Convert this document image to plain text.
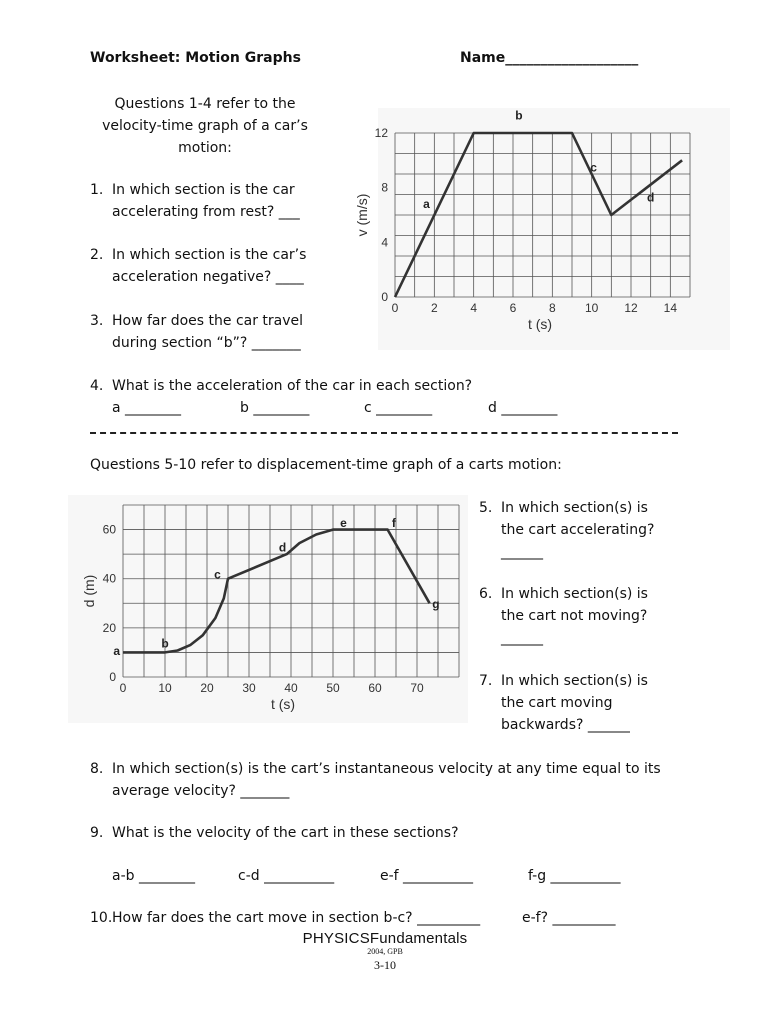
Worksheet: Motion Graphs	Name___________________
Questions 1-4 refer to the
velocity-time graph of a car’s
motion:
1. In which section is the car
accelerating from rest? ___
2. In which section is the car’s
acceleration negative? ____
3. How far does the car travel
during section “b”? _______
0	2	4	6	8 10 12 14
0
4
8
12
t (s)
v (m/s)	a
b
c
d
4. What is the acceleration of the car in each section?
a ________	b ________	c ________	d ________
Questions 5-10 refer to displacement-time graph of a carts motion:
0	10 20 30 40 50 60 70
0
20
40
60
t (s)
d (m)
a
b
c
d
e	f
g
5. In which section(s) is
the cart accelerating?
______
6. In which section(s) is
the cart not moving?
______
7. In which section(s) is
the cart moving
backwards? ______
8. In which section(s) is the cart’s instantaneous velocity at any time equal to its
average velocity? _______
9. What is the velocity of the cart in these sections?
a-b ________	c-d __________	e-f __________	f-g __________
10. How far does the cart move in section b-c? _________	e-f? _________
PHYSICSFundamentals
2004, GPB
3-10
